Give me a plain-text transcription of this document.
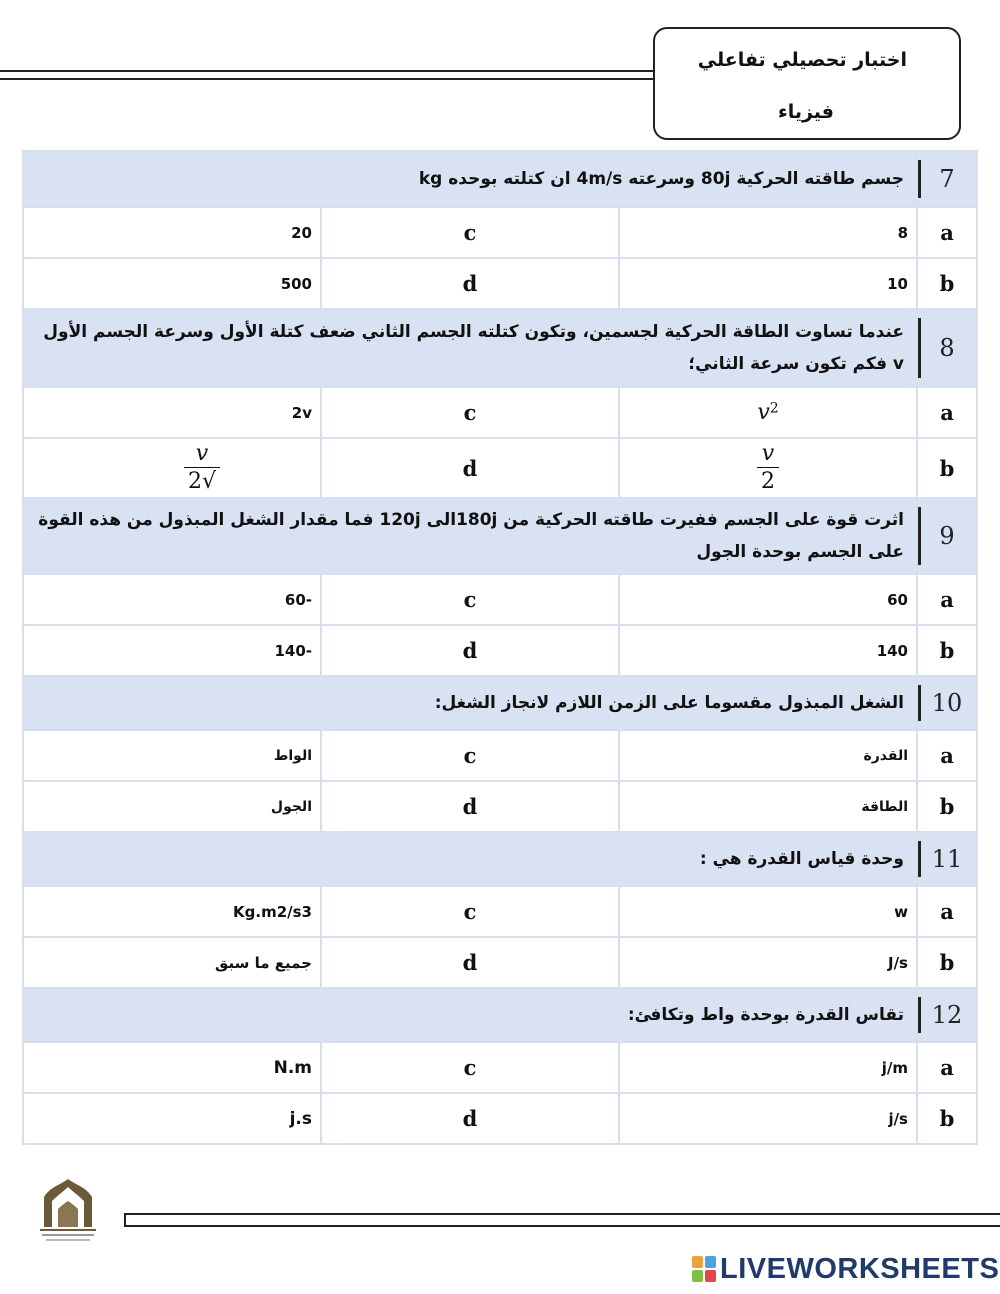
اختبار تحصيلي تفاعلي
فيزياء
7	جسم طاقته الحركية 80j وسرعته 4m/s ان كتلته بوحده kg		
a	8	c	20
b	10	d	500
8	عندما تساوت الطاقة الحركية لجسمين، وتكون كتلته الجسم الثاني ضعف كتلة الأول وسرعة الجسم الأول v فكم تكون سرعة الثاني؛		
a	$v^2$	c	2v
b	$\frac{v}{2}$	d	$\frac{v}{√2}$

9	اثرت قوة على الجسم ففيرت طاقته الحركية من 180jالى 120j فما مقدار الشغل المبذول من هذه القوة على الجسم بوحدة الجول		
a	60	c	-60
b	140	d	-140
10	الشغل المبذول مقسوما على الزمن اللازم لانجاز الشغل:		
a	القدرة	c	الواط
b	الطاقة	d	الجول
11	وحدة قياس القدرة هي :		
a	w	c	Kg.m2/s3
b	J/s	d	جميع ما سبق
12	تقاس القدرة بوحدة واط وتكافئ:		
a	j/m	c	N.m
b	j/s	d	j.s
LIVEWORKSHEETS
